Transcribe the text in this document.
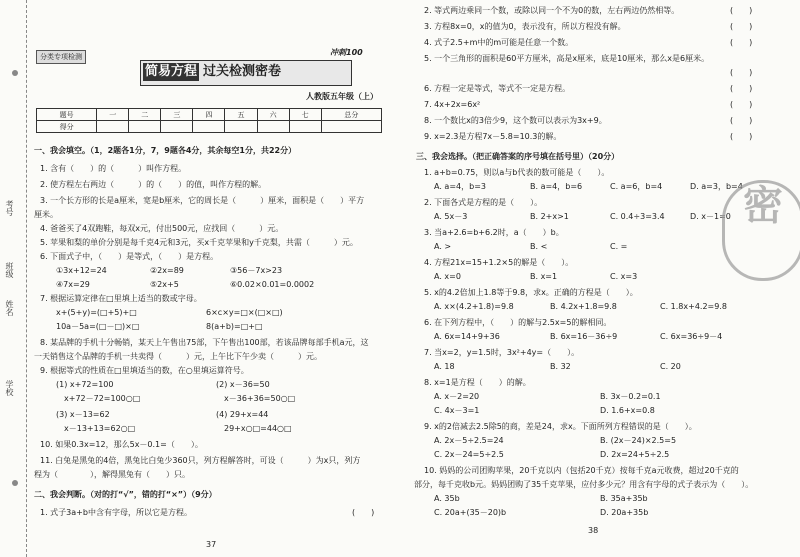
学校
班级
姓名
考号
分类专项检测	冲刺100
简易方程 过关检测密卷
人教版五年级（上）
题号	一	二	三	四	五	六	七	总分
得分								
一、我会填空。（1，2题各1分，7，9题各4分，其余每空1分，共22分）
1. 含有（　　）的（　　　）叫作方程。
2. 使方程左右两边（　　　）的（　　）的值，叫作方程的解。
3. 一个长方形的长是a厘米，宽是b厘米，它的周长是（　　　）厘米，面积是（　　）平方
厘米。
4. 爸爸买了4双跑鞋，每双x元，付出500元，应找回（　　　）元。
5. 苹果和梨的单价分别是每千克4元和3元，买x千克苹果和y千克梨，共需（　　　）元。
6. 下面式子中，（　　）是等式，（　　）是方程。
①3x+12=24	②2x=89	③56－7x>23
④7x=29	⑤2x+5	⑥0.02×0.01=0.0002
7. 根据运算定律在□里填上适当的数或字母。
x+(5+y)=(□+5)+□	6×c×y=□×(□×□)
10a－5a=(□－□)×□	8(a+b)=□+□
8. 某品牌的手机十分畅销，某天上午售出75部，下午售出100部，若该品牌每部手机a元，这
一天销售这个品牌的手机一共卖得（　　　）元，上午比下午少卖（　　　）元。
9. 根据等式的性质在□里填适当的数，在○里填运算符号。
(1) x+72=100	(2) x－36=50
x+72－72=100○□	x－36+36=50○□
(3) x－13=62	(4) 29+x=44
x－13+13=62○□	29+x○□=44○□
10. 如果0.3x=12，那么5x－0.1=（　　）。
11. 白兔是黑兔的4倍，黑兔比白兔少360只，列方程解答时，可设（　　　）为x只，列方
程为（　　　　），解得黑兔有（　　）只。
二、我会判断。（对的打“√”，错的打“×”）（9分）
1. 式子3a+b中含有字母，所以它是方程。	(　　)
37
2. 等式两边乘同一个数，或除以同一个不为0的数，左右两边仍然相等。	(　　)
3. 方程8x=0，x的值为0，表示没有，所以方程没有解。	(　　)
4. 式子2.5+m中的m可能是任意一个数。	(　　)
5. 一个三角形的面积是60平方厘米，高是x厘米，底是10厘米，那么x是6厘米。
(　　)
6. 方程一定是等式，等式不一定是方程。	(　　)
7. 4x+2x=6x²	(　　)
8. 一个数比x的3倍少9，这个数可以表示为3x+9。	(　　)
9. x=2.3是方程7x－5.8=10.3的解。	(　　)
三、我会选择。（把正确答案的序号填在括号里）（20分）
1. a+b=0.75，则以a与b代表的数可能是（　　）。
A. a=4，b=3	B. a=4，b=6	C. a=6，b=4	D. a=3，b=4
2. 下面各式是方程的是（　　）。
A. 5x－3	B. 2+x>1	C. 0.4÷3=3.4	D. x－1=0
3. 当a+2.6=b+6.2时，a（　　）b。
A. >	B. <	C. =
4. 方程21x=15+1.2×5的解是（　　）。
A. x=0	B. x=1	C. x=3
5. x的4.2倍加上1.8等于9.8，求x。正确的方程是（　　）。
A. x×(4.2+1.8)=9.8	B. 4.2x+1.8=9.8	C. 1.8x+4.2=9.8
6. 在下列方程中，（　　）的解与2.5x=5的解相同。
A. 6x=14+9+36	B. 6x=16－36÷9	C. 6x=36÷9－4
7. 当x=2，y=1.5时，3x²+4y=（　　）。
A. 18	B. 32	C. 20
8. x=1是方程（　　）的解。
A. x－2=20	B. 3x－0.2=0.1
C. 4x－3=1	D. 1.6+x=0.8
9. x的2倍减去2.5除5的商，差是24，求x。下面所列方程错误的是（　　）。
A. 2x－5÷2.5=24	B. (2x－24)×2.5=5
C. 2x－24=5÷2.5	D. 2x=24+5÷2.5
10. 妈妈的公司团购苹果，20千克以内（包括20千克）按每千克a元收费，超过20千克的
部分，每千克收b元。妈妈团购了35千克苹果，应付多少元？用含有字母的式子表示为（　　）。
A. 35b	B. 35a+35b
C. 20a+(35－20)b	D. 20a+35b
38
密
